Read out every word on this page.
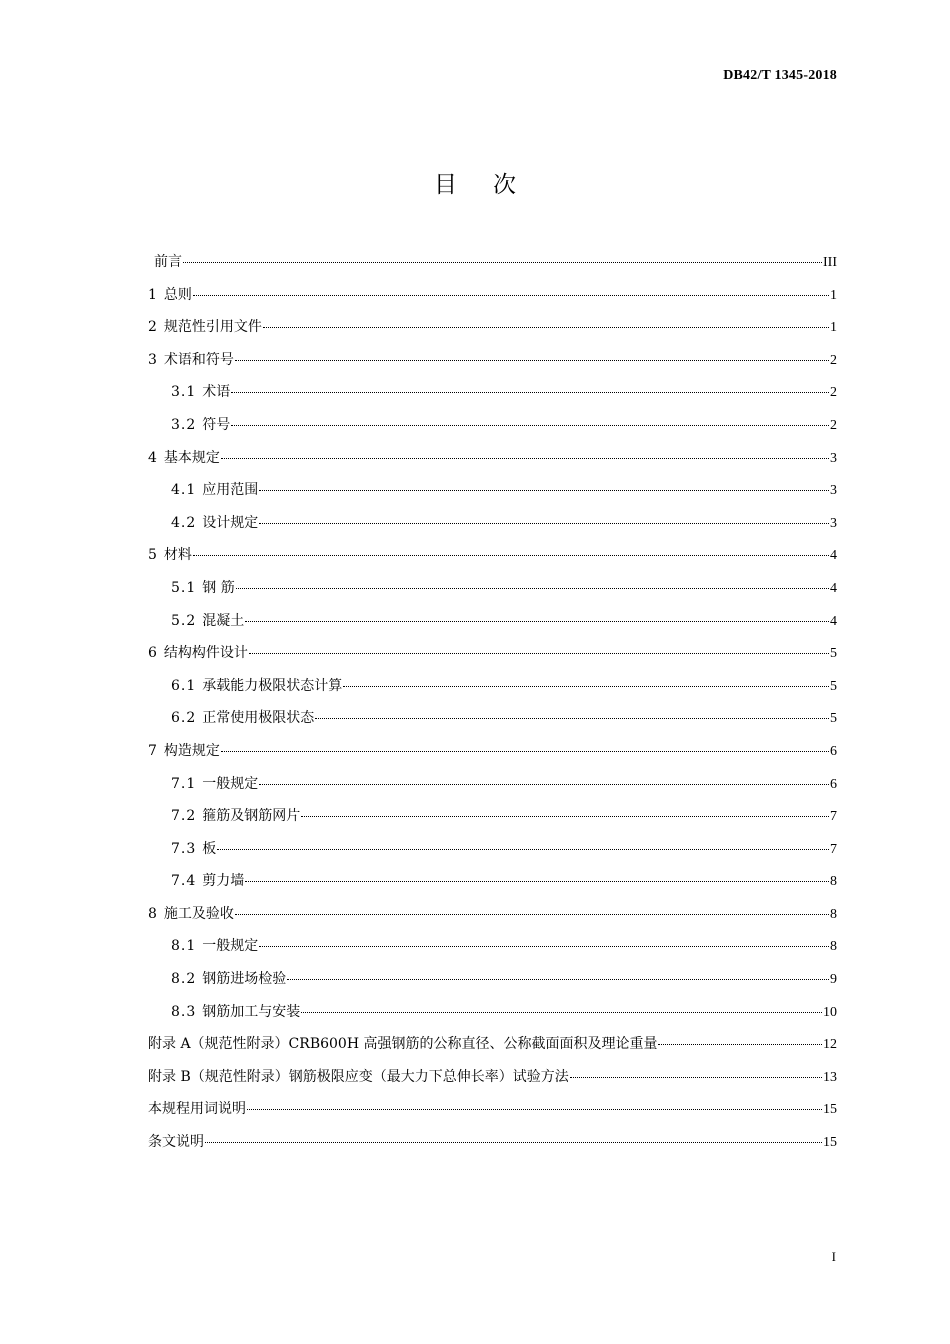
DB42/T 1345-2018
目次
前言	III
1 总则	1
2 规范性引用文件	1
3 术语和符号	2
3.1 术语	2
3.2 符号	2
4 基本规定	3
4.1 应用范围	3
4.2 设计规定	3
5 材料	4
5.1 钢 筋	4
5.2 混凝土	4
6 结构构件设计	5
6.1 承载能力极限状态计算	5
6.2 正常使用极限状态	5
7 构造规定	6
7.1 一般规定	6
7.2 箍筋及钢筋网片	7
7.3 板	7
7.4 剪力墙	8
8 施工及验收	8
8.1 一般规定	8
8.2 钢筋进场检验	9
8.3 钢筋加工与安装	10
附录 A（规范性附录）CRB600H 高强钢筋的公称直径、公称截面面积及理论重量	12
附录 B（规范性附录）钢筋极限应变（最大力下总伸长率）试验方法	13
本规程用词说明	15
条文说明	15
I
